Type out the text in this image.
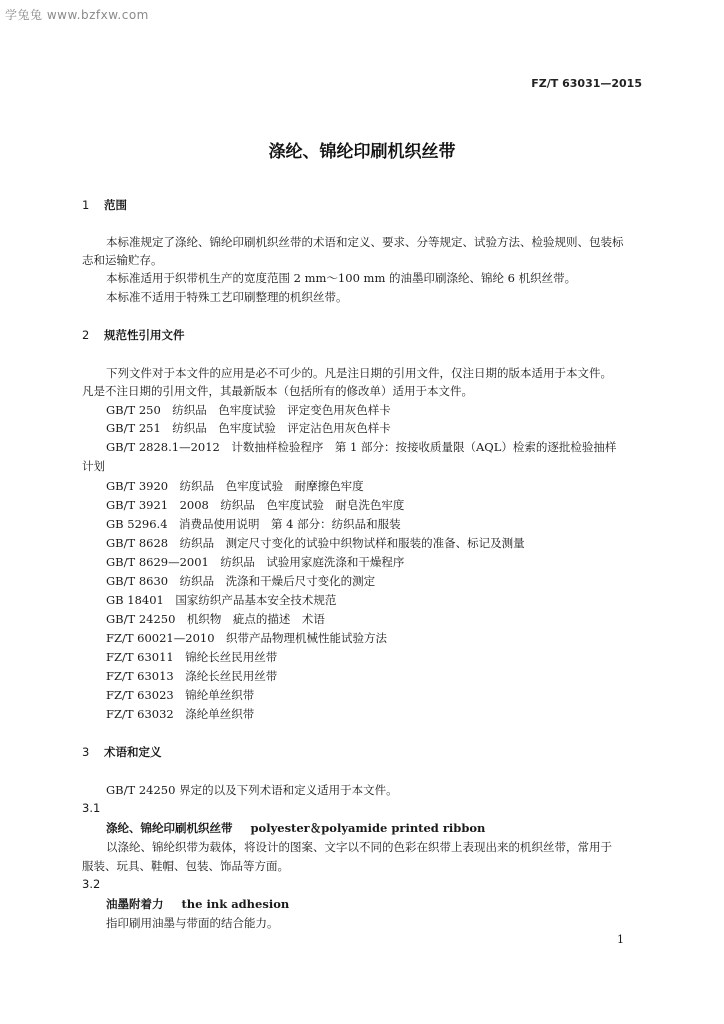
学兔兔 www.bzfxw.com
FZ/T 63031—2015
涤纶、锦纶印刷机织丝带
1 范围
本标准规定了涤纶、锦纶印刷机织丝带的术语和定义、要求、分等规定、试验方法、检验规则、包装标
志和运输贮存。
本标准适用于织带机生产的宽度范围 2 mm～100 mm 的油墨印刷涤纶、锦纶 6 机织丝带。
本标准不适用于特殊工艺印刷整理的机织丝带。
2 规范性引用文件
下列文件对于本文件的应用是必不可少的。凡是注日期的引用文件，仅注日期的版本适用于本文件。
凡是不注日期的引用文件，其最新版本（包括所有的修改单）适用于本文件。
GB/T 250　纺织品　色牢度试验　评定变色用灰色样卡
GB/T 251　纺织品　色牢度试验　评定沾色用灰色样卡
GB/T 2828.1—2012　计数抽样检验程序　第 1 部分：按接收质量限（AQL）检索的逐批检验抽样
计划
GB/T 3920　纺织品　色牢度试验　耐摩擦色牢度
GB/T 3921　2008　纺织品　色牢度试验　耐皂洗色牢度
GB 5296.4　消费品使用说明　第 4 部分：纺织品和服装
GB/T 8628　纺织品　测定尺寸变化的试验中织物试样和服装的准备、标记及测量
GB/T 8629—2001　纺织品　试验用家庭洗涤和干燥程序
GB/T 8630　纺织品　洗涤和干燥后尺寸变化的测定
GB 18401　国家纺织产品基本安全技术规范
GB/T 24250　机织物　疵点的描述　术语
FZ/T 60021—2010　织带产品物理机械性能试验方法
FZ/T 63011　锦纶长丝民用丝带
FZ/T 63013　涤纶长丝民用丝带
FZ/T 63023　锦纶单丝织带
FZ/T 63032　涤纶单丝织带
3 术语和定义
GB/T 24250 界定的以及下列术语和定义适用于本文件。
3.1
涤纶、锦纶印刷机织丝带 polyester＆polyamide printed ribbon
以涤纶、锦纶织带为载体，将设计的图案、文字以不同的色彩在织带上表现出来的机织丝带，常用于
服装、玩具、鞋帽、包装、饰品等方面。
3.2
油墨附着力 the ink adhesion
指印刷用油墨与带面的结合能力。
1
